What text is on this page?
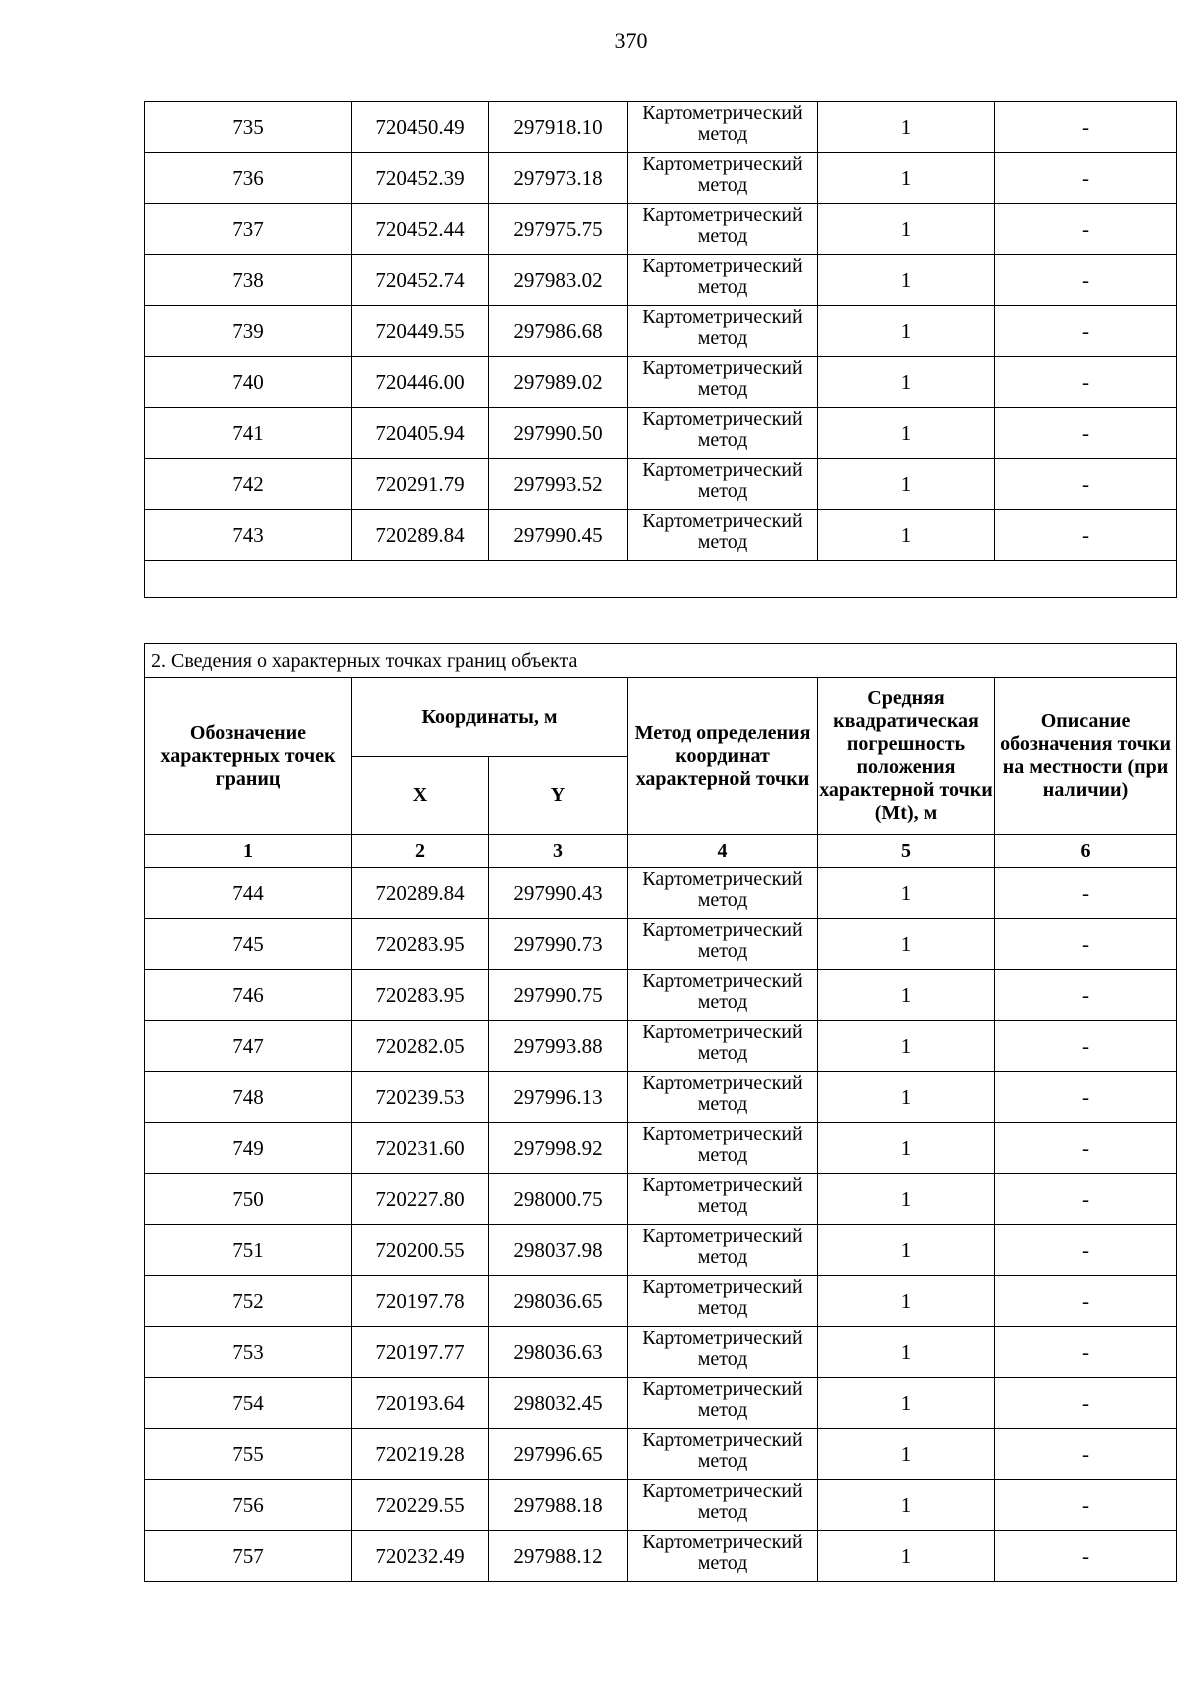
370
735	720450.49	297918.10	Картометрический метод	1	-
736	720452.39	297973.18	Картометрический метод	1	-
737	720452.44	297975.75	Картометрический метод	1	-
738	720452.74	297983.02	Картометрический метод	1	-
739	720449.55	297986.68	Картометрический метод	1	-
740	720446.00	297989.02	Картометрический метод	1	-
741	720405.94	297990.50	Картометрический метод	1	-
742	720291.79	297993.52	Картометрический метод	1	-
743	720289.84	297990.45	Картометрический метод	1	-

2. Сведения о характерных точках границ объекта					
Обозначение характерных точек границ	Координаты, м		Метод определения координат характерной точки	Средняя квадратическая погрешность положения характерной точки (Mt), м	Описание обозначения точки на местности (при наличии)
	X	Y			
1	2	3	4	5	6
744	720289.84	297990.43	Картометрический метод	1	-
745	720283.95	297990.73	Картометрический метод	1	-
746	720283.95	297990.75	Картометрический метод	1	-
747	720282.05	297993.88	Картометрический метод	1	-
748	720239.53	297996.13	Картометрический метод	1	-
749	720231.60	297998.92	Картометрический метод	1	-
750	720227.80	298000.75	Картометрический метод	1	-
751	720200.55	298037.98	Картометрический метод	1	-
752	720197.78	298036.65	Картометрический метод	1	-
753	720197.77	298036.63	Картометрический метод	1	-
754	720193.64	298032.45	Картометрический метод	1	-
755	720219.28	297996.65	Картометрический метод	1	-
756	720229.55	297988.18	Картометрический метод	1	-
757	720232.49	297988.12	Картометрический метод	1	-
